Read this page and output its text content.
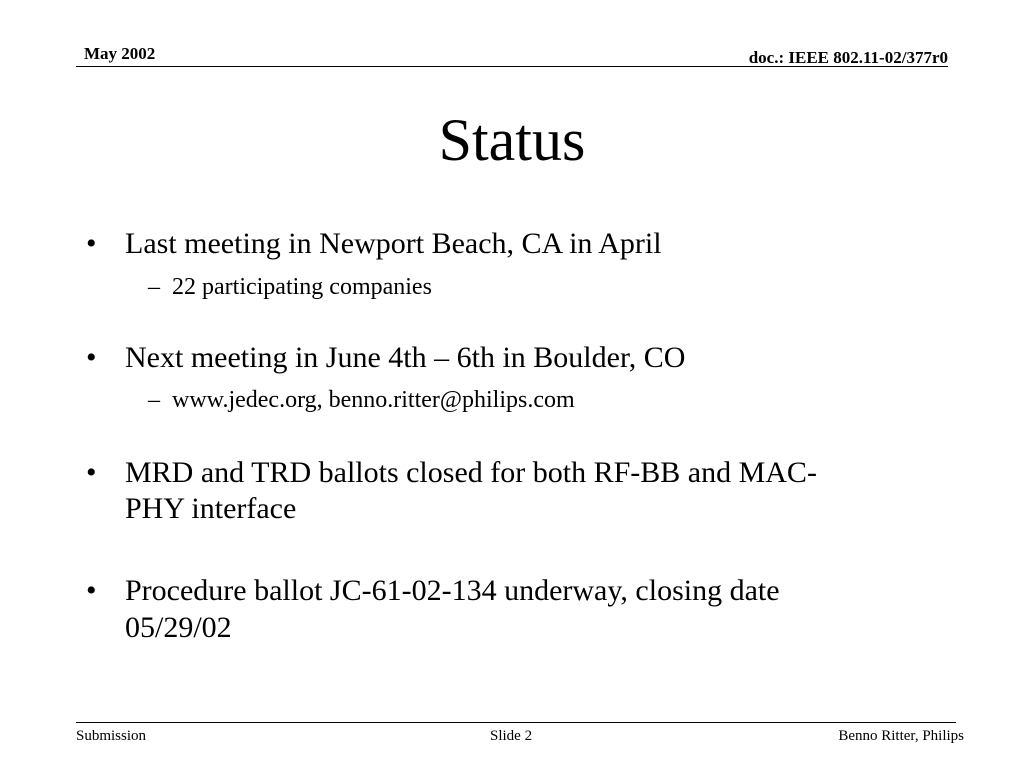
May 2002	doc.: IEEE 802.11-02/377r0
Status
• Last meeting in Newport Beach, CA in April
– 22 participating companies
• Next meeting in June 4th – 6th in Boulder, CO
– www.jedec.org, benno.ritter@philips.com
• MRD and TRD ballots closed for both RF-BB and MAC-
PHY interface
• Procedure ballot JC-61-02-134 underway, closing date
05/29/02
Submission	Slide 2	Benno Ritter, Philips
